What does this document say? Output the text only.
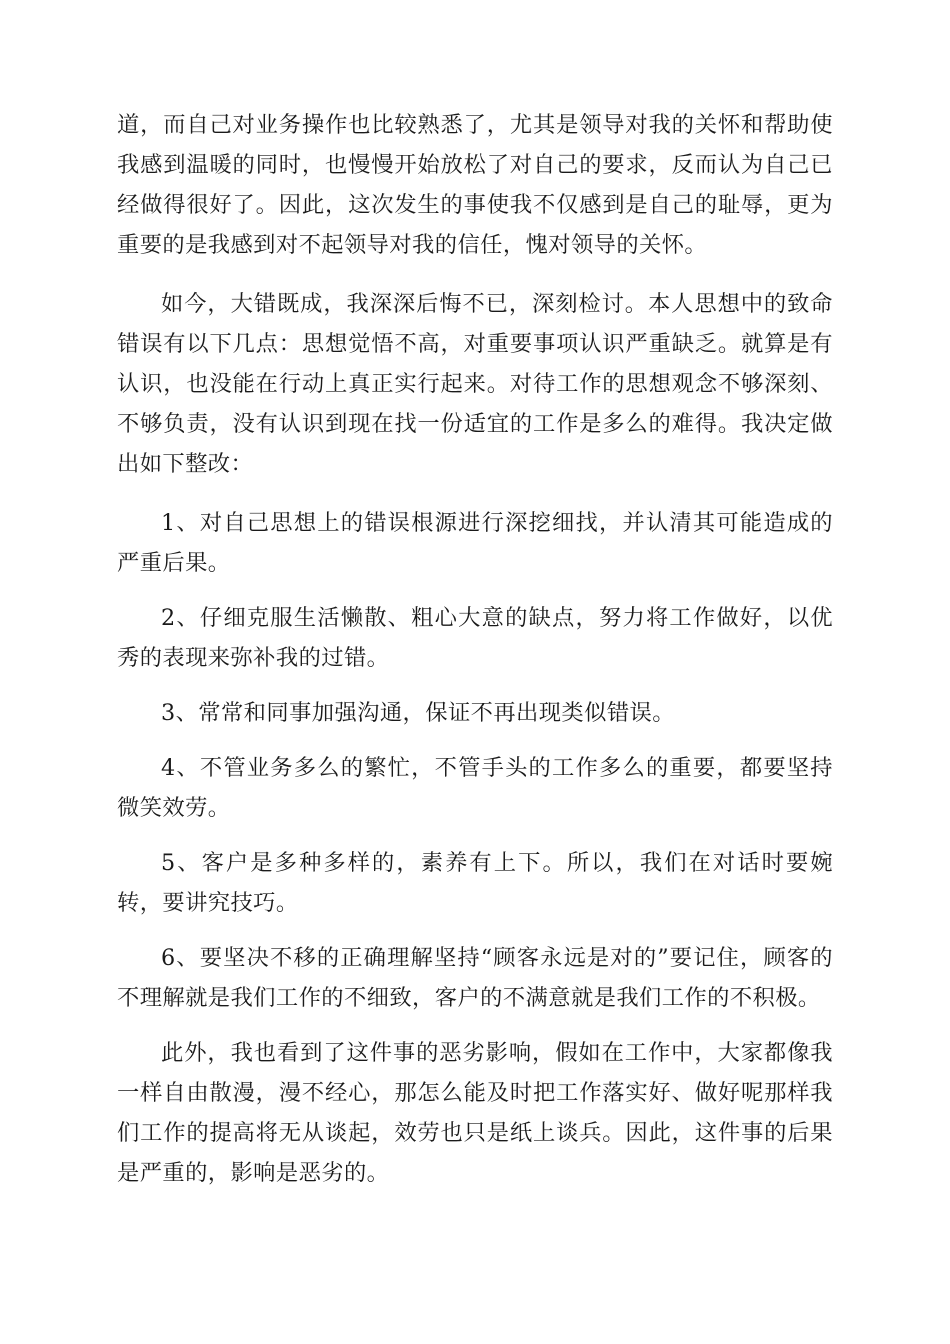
道，而自己对业务操作也比较熟悉了，尤其是领导对我的关怀和帮助使我感到温暖的同时，也慢慢开始放松了对自己的要求，反而认为自己已经做得很好了。因此，这次发生的事使我不仅感到是自己的耻辱，更为重要的是我感到对不起领导对我的信任，愧对领导的关怀。

如今，大错既成，我深深后悔不已，深刻检讨。本人思想中的致命错误有以下几点：思想觉悟不高，对重要事项认识严重缺乏。就算是有认识，也没能在行动上真正实行起来。对待工作的思想观念不够深刻、不够负责，没有认识到现在找一份适宜的工作是多么的难得。我决定做出如下整改：

1、对自己思想上的错误根源进行深挖细找，并认清其可能造成的严重后果。

2、仔细克服生活懒散、粗心大意的缺点，努力将工作做好，以优秀的表现来弥补我的过错。

3、常常和同事加强沟通，保证不再出现类似错误。

4、不管业务多么的繁忙，不管手头的工作多么的重要，都要坚持微笑效劳。

5、客户是多种多样的，素养有上下。所以，我们在对话时要婉转，要讲究技巧。

6、要坚决不移的正确理解坚持“顾客永远是对的”要记住，顾客的不理解就是我们工作的不细致，客户的不满意就是我们工作的不积极。

此外，我也看到了这件事的恶劣影响，假如在工作中，大家都像我一样自由散漫，漫不经心，那怎么能及时把工作落实好、做好呢那样我们工作的提高将无从谈起，效劳也只是纸上谈兵。因此，这件事的后果是严重的，影响是恶劣的。
